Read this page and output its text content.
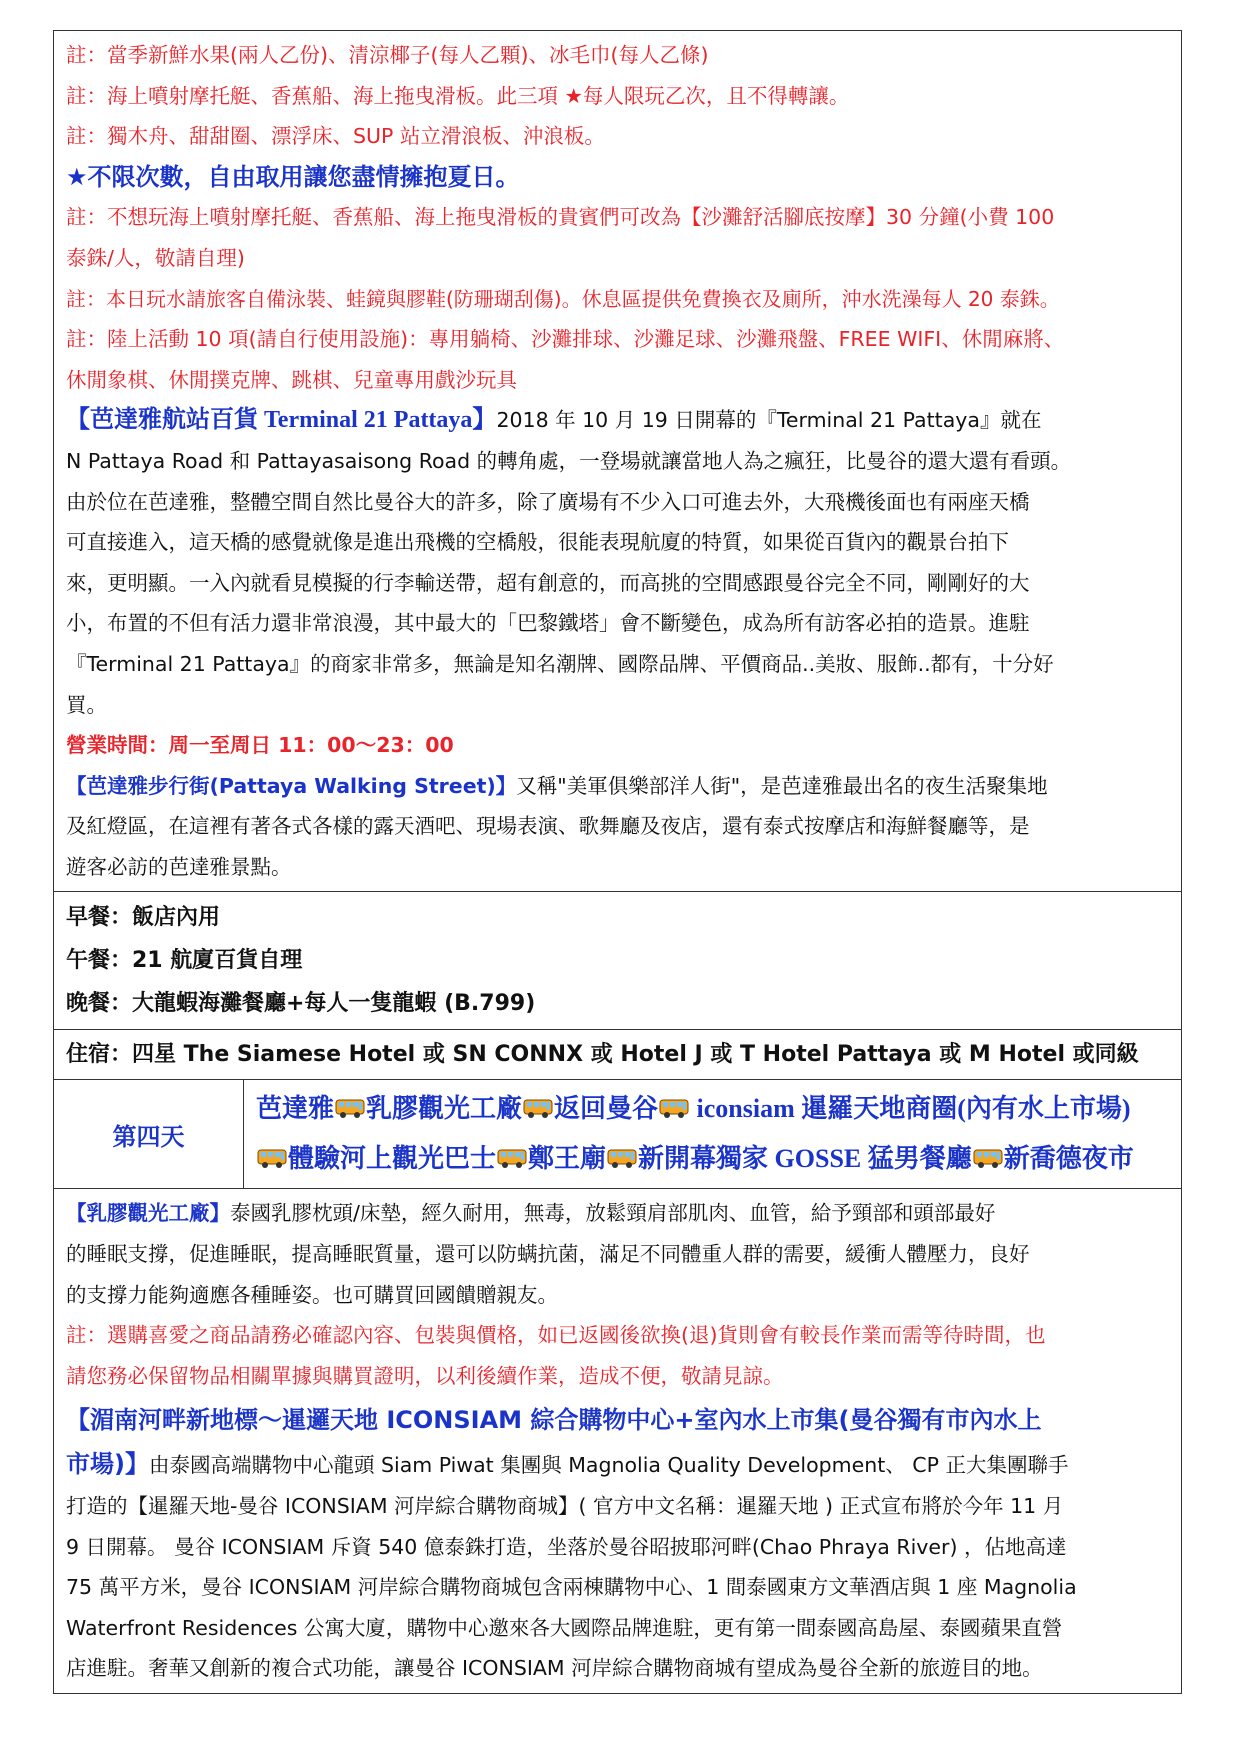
註：當季新鮮水果(兩人乙份)、清涼椰子(每人乙顆)、冰毛巾(每人乙條)
註：海上噴射摩托艇、香蕉船、海上拖曳滑板。此三項 ★每人限玩乙次，且不得轉讓。
註：獨木舟、甜甜圈、漂浮床、SUP 站立滑浪板、沖浪板。
★不限次數，自由取用讓您盡情擁抱夏日。
註：不想玩海上噴射摩托艇、香蕉船、海上拖曳滑板的貴賓們可改為【沙灘舒活腳底按摩】30 分鐘(小費 100
泰銖/人，敬請自理)
註：本日玩水請旅客自備泳裝、蛙鏡與膠鞋(防珊瑚刮傷)。休息區提供免費換衣及廁所，沖水洗澡每人 20 泰銖。
註：陸上活動 10 項(請自行使用設施)：專用躺椅、沙灘排球、沙灘足球、沙灘飛盤、FREE WIFI、休閒麻將、
休閒象棋、休閒撲克牌、跳棋、兒童專用戲沙玩具
【芭達雅航站百貨 Terminal 21 Pattaya】2018 年 10 月 19 日開幕的『Terminal 21 Pattaya』就在
N Pattaya Road 和 Pattayasaisong Road 的轉角處，一登場就讓當地人為之瘋狂，比曼谷的還大還有看頭。
由於位在芭達雅，整體空間自然比曼谷大的許多，除了廣場有不少入口可進去外，大飛機後面也有兩座天橋
可直接進入，這天橋的感覺就像是進出飛機的空橋般，很能表現航廈的特質，如果從百貨內的觀景台拍下
來，更明顯。一入內就看見模擬的行李輸送帶，超有創意的，而高挑的空間感跟曼谷完全不同，剛剛好的大
小，布置的不但有活力還非常浪漫，其中最大的「巴黎鐵塔」會不斷變色，成為所有訪客必拍的造景。進駐
『Terminal 21 Pattaya』的商家非常多，無論是知名潮牌、國際品牌、平價商品..美妝、服飾..都有，十分好
買。
營業時間：周一至周日 11：00～23：00
【芭達雅步行街(Pattaya Walking Street)】又稱"美軍俱樂部洋人街"，是芭達雅最出名的夜生活聚集地
及紅燈區，在這裡有著各式各樣的露天酒吧、現場表演、歌舞廳及夜店，還有泰式按摩店和海鮮餐廳等，是
遊客必訪的芭達雅景點。
早餐：飯店內用
午餐：21 航廈百貨自理
晚餐：大龍蝦海灘餐廳+每人一隻龍蝦 (B.799)
住宿：四星 The Siamese Hotel 或 SN CONNX 或 Hotel J 或 T Hotel Pattaya 或 M Hotel 或同級
第四天
芭達雅 乳膠觀光工廠 返回曼谷 iconsiam 暹羅天地商圈(內有水上市場) 體驗河上觀光巴士 鄭王廟 新開幕獨家 GOSSE 猛男餐廳 新喬德夜市
【乳膠觀光工廠】泰國乳膠枕頭/床墊，經久耐用，無毒，放鬆頸肩部肌肉、血管，給予頸部和頭部最好
的睡眠支撐，促進睡眠，提高睡眠質量，還可以防螨抗菌，滿足不同體重人群的需要，緩衝人體壓力，良好
的支撐力能夠適應各種睡姿。也可購買回國饋贈親友。
註：選購喜愛之商品請務必確認內容、包裝與價格，如已返國後欲換(退)貨則會有較長作業而需等待時間，也
請您務必保留物品相關單據與購買證明，以利後續作業，造成不便，敬請見諒。
【湄南河畔新地標～暹邏天地 ICONSIAM 綜合購物中心+室內水上市集(曼谷獨有市內水上
市場)】由泰國高端購物中心龍頭 Siam Piwat 集團與 Magnolia Quality Development、 CP 正大集團聯手
打造的【暹羅天地-曼谷 ICONSIAM 河岸綜合購物商城】( 官方中文名稱：暹羅天地 ) 正式宣布將於今年 11 月
9 日開幕。 曼谷 ICONSIAM 斥資 540 億泰銖打造，坐落於曼谷昭披耶河畔(Chao Phraya River) ，佔地高達
75 萬平方米，曼谷 ICONSIAM 河岸綜合購物商城包含兩棟購物中心、1 間泰國東方文華酒店與 1 座 Magnolia
Waterfront Residences 公寓大廈，購物中心邀來各大國際品牌進駐，更有第一間泰國高島屋、泰國蘋果直營
店進駐。奢華又創新的複合式功能，讓曼谷 ICONSIAM 河岸綜合購物商城有望成為曼谷全新的旅遊目的地。
